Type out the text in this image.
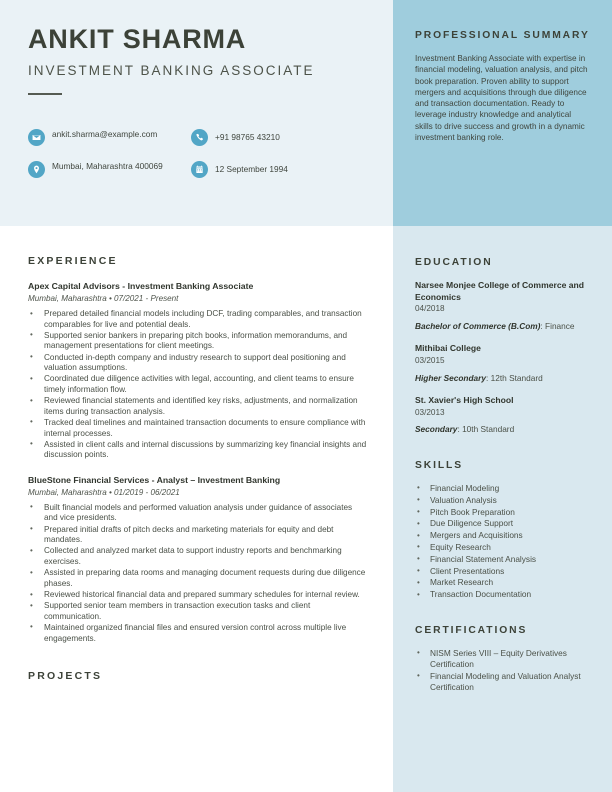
ANKIT SHARMA
INVESTMENT BANKING ASSOCIATE
ankit.sharma@example.com	+91 98765 43210
Mumbai, Maharashtra 400069	12 September 1994
EXPERIENCE
Apex Capital Advisors - Investment Banking Associate
Mumbai, Maharashtra • 07/2021 - Present
• Prepared detailed financial models including DCF, trading comparables, and transaction comparables for live and potential deals.
• Supported senior bankers in preparing pitch books, information memorandums, and management presentations for client meetings.
• Conducted in-depth company and industry research to support deal positioning and valuation assumptions.
• Coordinated due diligence activities with legal, accounting, and client teams to ensure timely information flow.
• Reviewed financial statements and identified key risks, adjustments, and normalization items during transaction analysis.
• Tracked deal timelines and maintained transaction documents to ensure compliance with internal processes.
• Assisted in client calls and internal discussions by summarizing key financial insights and discussion points.
BlueStone Financial Services - Analyst – Investment Banking
Mumbai, Maharashtra • 01/2019 - 06/2021
• Built financial models and performed valuation analysis under guidance of associates and vice presidents.
• Prepared initial drafts of pitch decks and marketing materials for equity and debt mandates.
• Collected and analyzed market data to support industry reports and benchmarking exercises.
• Assisted in preparing data rooms and managing document requests during due diligence phases.
• Reviewed historical financial data and prepared summary schedules for internal review.
• Supported senior team members in transaction execution tasks and client communication.
• Maintained organized financial files and ensured version control across multiple live engagements.
PROJECTS
PROFESSIONAL SUMMARY

Investment Banking Associate with expertise in financial modeling, valuation analysis, and pitch book preparation. Proven ability to support mergers and acquisitions through due diligence and transaction documentation. Ready to leverage industry knowledge and analytical skills to drive success and growth in a dynamic investment banking role.

EDUCATION
Narsee Monjee College of Commerce and Economics
04/2018
Bachelor of Commerce (B.Com): Finance
Mithibai College
03/2015
Higher Secondary: 12th Standard
St. Xavier's High School
03/2013
Secondary: 10th Standard
SKILLS
• Financial Modeling
• Valuation Analysis
• Pitch Book Preparation
• Due Diligence Support
• Mergers and Acquisitions
• Equity Research
• Financial Statement Analysis
• Client Presentations
• Market Research
• Transaction Documentation
CERTIFICATIONS
• NISM Series VIII – Equity Derivatives Certification
• Financial Modeling and Valuation Analyst Certification
